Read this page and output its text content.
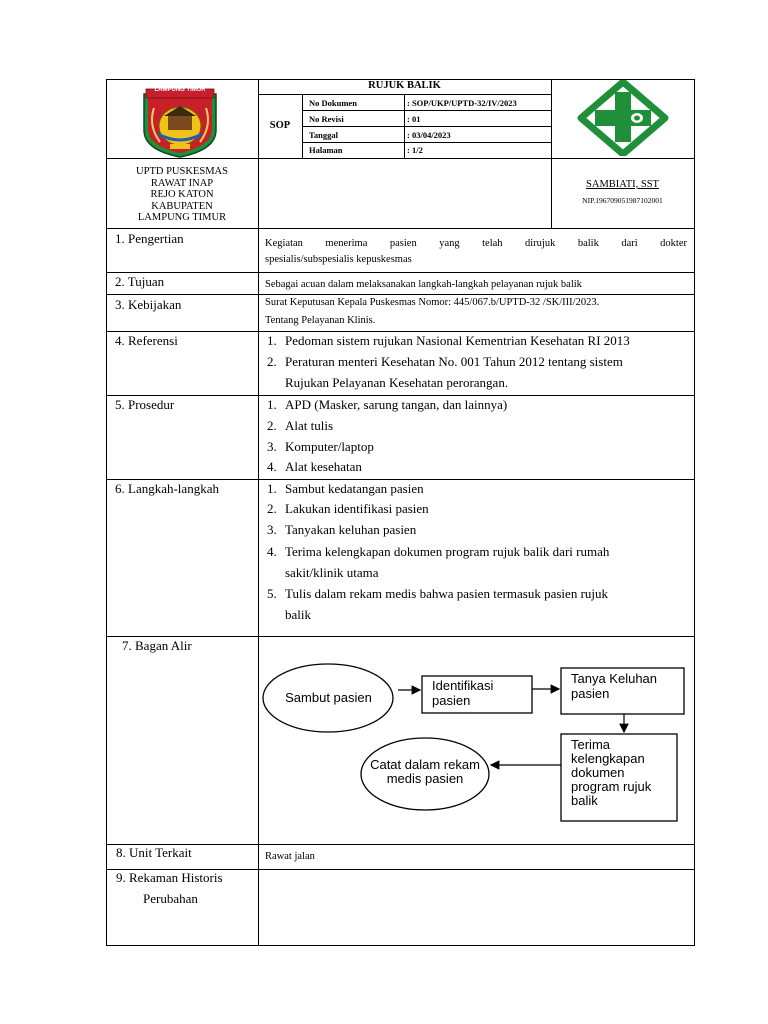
LAMPUNG TIMUR	RUJUK BALIK
SOP
No Dokumen	: SOP/UKP/UPTD-32/IV/2023
No Revisi	: 01
Tanggal	: 03/04/2023
Halaman	: 1/2
UPTD PUSKESMAS
RAWAT INAP
REJO KATON
KABUPATEN
LAMPUNG TIMUR
SAMBIATI, SST
NIP.196709051987102001
1. Pengertian	Kegiatan menerima pasien yang telah dirujuk balik dari dokter
spesialis/subspesialis kepuskesmas
2. Tujuan	Sebagai acuan dalam melaksanakan langkah-langkah pelayanan rujuk balik
3. Kebijakan	Surat Keputusan Kepala Puskesmas Nomor: 445/067.b/UPTD-32 /SK/III/2023.
Tentang Pelayanan Klinis.
4. Referensi	1. Pedoman sistem rujukan Nasional Kementrian Kesehatan RI 2013
2. Peraturan menteri Kesehatan No. 001 Tahun 2012 tentang sistem
Rujukan Pelayanan Kesehatan perorangan.
5. Prosedur	1. APD (Masker, sarung tangan, dan lainnya)
2. Alat tulis
3. Komputer/laptop
4. Alat kesehatan
6. Langkah-langkah	1. Sambut kedatangan pasien
2. Lakukan identifikasi pasien
3. Tanyakan keluhan pasien
4. Terima kelengkapan dokumen program rujuk balik dari rumah
sakit/klinik utama
5. Tulis dalam rekam medis bahwa pasien termasuk pasien rujuk
balik
7. Bagan Alir
Sambut pasien
Identifikasi
pasien
Tanya Keluhan
pasien
Terima
kelengkapan
dokumen
program rujuk
balik
Catat dalam rekam
medis pasien
8. Unit Terkait	Rawat jalan
9. Rekaman Historis
Perubahan
